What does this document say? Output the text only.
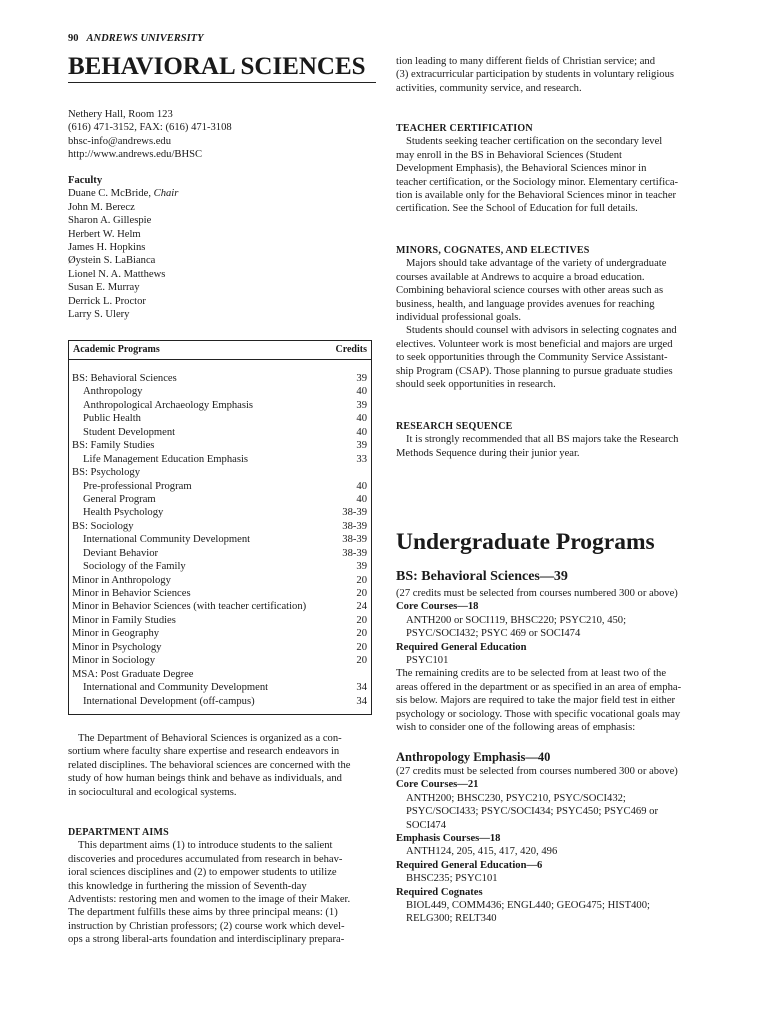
90 ANDREWS UNIVERSITY
BEHAVIORAL SCIENCES
Nethery Hall, Room 123
(616) 471-3152, FAX: (616) 471-3108
bhsc-info@andrews.edu
http://www.andrews.edu/BHSC
Faculty
Duane C. McBride, Chair
John M. Berecz
Sharon A. Gillespie
Herbert W. Helm
James H. Hopkins
Øystein S. LaBianca
Lionel N. A. Matthews
Susan E. Murray
Derrick L. Proctor
Larry S. Ulery
Academic Programs	Credits
BS: Behavioral Sciences	39
Anthropology	40
Anthropological Archaeology Emphasis	39
Public Health	40
Student Development	40
BS: Family Studies	39
Life Management Education Emphasis	33
BS: Psychology
Pre-professional Program	40
General Program	40
Health Psychology	38-39
BS: Sociology	38-39
International Community Development	38-39
Deviant Behavior	38-39
Sociology of the Family	39
Minor in Anthropology	20
Minor in Behavior Sciences	20
Minor in Behavior Sciences (with teacher certification)	24
Minor in Family Studies	20
Minor in Geography	20
Minor in Psychology	20
Minor in Sociology	20
MSA: Post Graduate Degree
International and Community Development	34
International Development (off-campus)	34
The Department of Behavioral Sciences is organized as a con-
sortium where faculty share expertise and research endeavors in
related disciplines. The behavioral sciences are concerned with the
study of how human beings think and behave as individuals, and
in sociocultural and ecological systems.
DEPARTMENT AIMS
This department aims (1) to introduce students to the salient
discoveries and procedures accumulated from research in behav-
ioral sciences disciplines and (2) to empower students to utilize
this knowledge in furthering the mission of Seventh-day
Adventists: restoring men and women to the image of their Maker.
The department fulfills these aims by three principal means: (1)
instruction by Christian professors; (2) course work which devel-
ops a strong liberal-arts foundation and interdisciplinary prepara-
tion leading to many different fields of Christian service; and
(3) extracurricular participation by students in voluntary religious
activities, community service, and research.
TEACHER CERTIFICATION
Students seeking teacher certification on the secondary level
may enroll in the BS in Behavioral Sciences (Student
Development Emphasis), the Behavioral Sciences minor in
teacher certification, or the Sociology minor. Elementary certifica-
tion is available only for the Behavioral Sciences minor in teacher
certification. See the School of Education for full details.
MINORS, COGNATES, AND ELECTIVES
Majors should take advantage of the variety of undergraduate
courses available at Andrews to acquire a broad education.
Combining behavioral science courses with other areas such as
business, health, and language provides avenues for reaching
individual professional goals.
Students should counsel with advisors in selecting cognates and
electives. Volunteer work is most beneficial and majors are urged
to seek opportunities through the Community Service Assistant-
ship Program (CSAP). Those planning to pursue graduate studies
should seek opportunities in research.
RESEARCH SEQUENCE
It is strongly recommended that all BS majors take the Research
Methods Sequence during their junior year.
Undergraduate Programs
BS: Behavioral Sciences—39
(27 credits must be selected from courses numbered 300 or above)
Core Courses—18
ANTH200 or SOCI119, BHSC220; PSYC210, 450;
PSYC/SOCI432; PSYC 469 or SOCI474
Required General Education
PSYC101
The remaining credits are to be selected from at least two of the
areas offered in the department or as specified in an area of empha-
sis below. Majors are required to take the major field test in either
psychology or sociology. Those with specific vocational goals may
wish to consider one of the following areas of emphasis:
Anthropology Emphasis—40
(27 credits must be selected from courses numbered 300 or above)
Core Courses—21
ANTH200; BHSC230, PSYC210, PSYC/SOCI432;
PSYC/SOCI433; PSYC/SOCI434; PSYC450; PSYC469 or
SOCI474
Emphasis Courses—18
ANTH124, 205, 415, 417, 420, 496
Required General Education—6
BHSC235; PSYC101
Required Cognates
BIOL449, COMM436; ENGL440; GEOG475; HIST400;
RELG300; RELT340
